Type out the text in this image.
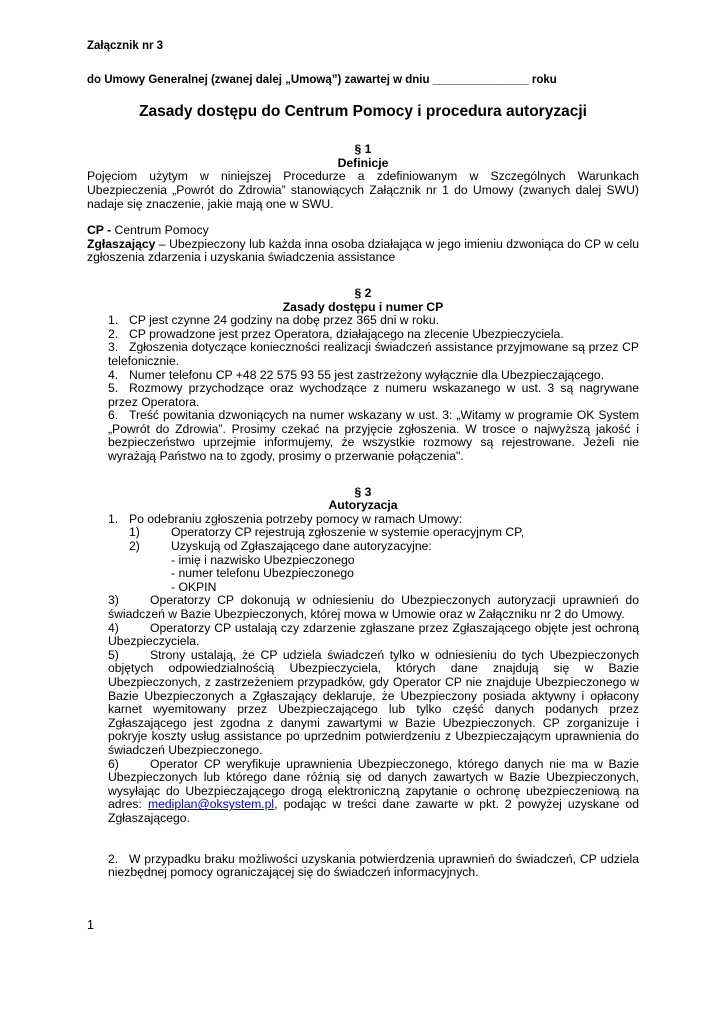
Załącznik nr 3
do Umowy Generalnej (zwanej dalej „Umową”) zawartej w dniu _______________ roku
Zasady dostępu do Centrum Pomocy i procedura autoryzacji
§ 1
Definicje

Pojęciom użytym w niniejszej Procedurze a zdefiniowanym w Szczególnych Warunkach Ubezpieczenia „Powrót do Zdrowia” stanowiących Załącznik nr 1 do Umowy (zwanych dalej SWU) nadaje się znaczenie, jakie mają one w SWU.

CP - Centrum Pomocy

Zgłaszający – Ubezpieczony lub każda inna osoba działająca w jego imieniu dzwoniąca do CP w celu zgłoszenia zdarzenia i uzyskania świadczenia assistance

§ 2
Zasady dostępu i numer CP
1. CP jest czynne 24 godziny na dobę przez 365 dni w roku.
2. CP prowadzone jest przez Operatora, działającego na zlecenie Ubezpieczyciela.
3. Zgłoszenia dotyczące konieczności realizacji świadczeń assistance przyjmowane są przez CP telefonicznie.
4. Numer telefonu CP +48 22 575 93 55 jest zastrzeżony wyłącznie dla Ubezpieczającego.
5. Rozmowy przychodzące oraz wychodzące z numeru wskazanego w ust. 3 są nagrywane przez Operatora.
6. Treść powitania dzwoniących na numer wskazany w ust. 3: „Witamy w programie OK System „Powrót do Zdrowia”. Prosimy czekać na przyjęcie zgłoszenia. W trosce o najwyższą jakość i bezpieczeństwo uprzejmie informujemy, że wszystkie rozmowy są rejestrowane. Jeżeli nie wyrażają Państwo na to zgody, prosimy o przerwanie połączenia".
§ 3
Autoryzacja
1. Po odebraniu zgłoszenia potrzeby pomocy w ramach Umowy:
1)	Operatorzy CP rejestrują zgłoszenie w systemie operacyjnym CP,
2)	Uzyskują od Zgłaszającego dane autoryzacyjne:
- imię i nazwisko Ubezpieczonego
- numer telefonu Ubezpieczonego
- OKPIN
3)	Operatorzy CP dokonują w odniesieniu do Ubezpieczonych autoryzacji uprawnień do świadczeń w Bazie Ubezpieczonych, której mowa w Umowie oraz w Załączniku nr 2 do Umowy.
4)	Operatorzy CP ustalają czy zdarzenie zgłaszane przez Zgłaszającego objęte jest ochroną Ubezpieczyciela.
5)	Strony ustalają, że CP udziela świadczeń tylko w odniesieniu do tych Ubezpieczonych objętych odpowiedzialnością Ubezpieczyciela, których dane znajdują się w Bazie Ubezpieczonych, z zastrzeżeniem przypadków, gdy Operator CP nie znajduje Ubezpieczonego w Bazie Ubezpieczonych a Zgłaszający deklaruje, że Ubezpieczony posiada aktywny i opłacony karnet wyemitowany przez Ubezpieczającego lub tylko część danych podanych przez Zgłaszającego jest zgodna z danymi zawartymi w Bazie Ubezpieczonych. CP zorganizuje i pokryje koszty usług assistance po uprzednim potwierdzeniu z Ubezpieczającym uprawnienia do świadczeń Ubezpieczonego.
6)	Operator CP weryfikuje uprawnienia Ubezpieczonego, którego danych nie ma w Bazie Ubezpieczonych lub którego dane różnią się od danych zawartych w Bazie Ubezpieczonych, wysyłając do Ubezpieczającego drogą elektroniczną zapytanie o ochronę ubezpieczeniową na adres: mediplan@oksystem.pl, podając w treści dane zawarte w pkt. 2 powyżej uzyskane od Zgłaszającego.
2. W przypadku braku możliwości uzyskania potwierdzenia uprawnień do świadczeń, CP udziela niezbędnej pomocy ograniczającej się do świadczeń informacyjnych.
1
